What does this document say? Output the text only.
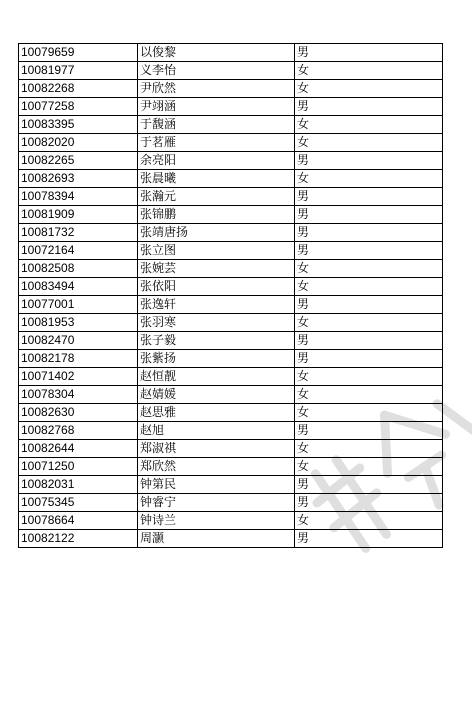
10079659	以俊黎	男
10081977	义李怡	女
10082268	尹欣然	女
10077258	尹翊涵	男
10083395	于馥涵	女
10082020	于茗雁	女
10082265	余亮阳	男
10082693	张晨曦	女
10078394	张瀚元	男
10081909	张锦鹏	男
10081732	张靖唐扬	男
10072164	张立图	男
10082508	张婉芸	女
10083494	张依阳	女
10077001	张逸轩	男
10081953	张羽寒	女
10082470	张子毅	男
10082178	张紫扬	男
10071402	赵恒靓	女
10078304	赵婧媛	女
10082630	赵思雅	女
10082768	赵旭	男
10082644	郑淑祺	女
10071250	郑欣然	女
10082031	钟第民	男
10075345	钟睿宁	男
10078664	钟诗兰	女
10082122	周灏	男
